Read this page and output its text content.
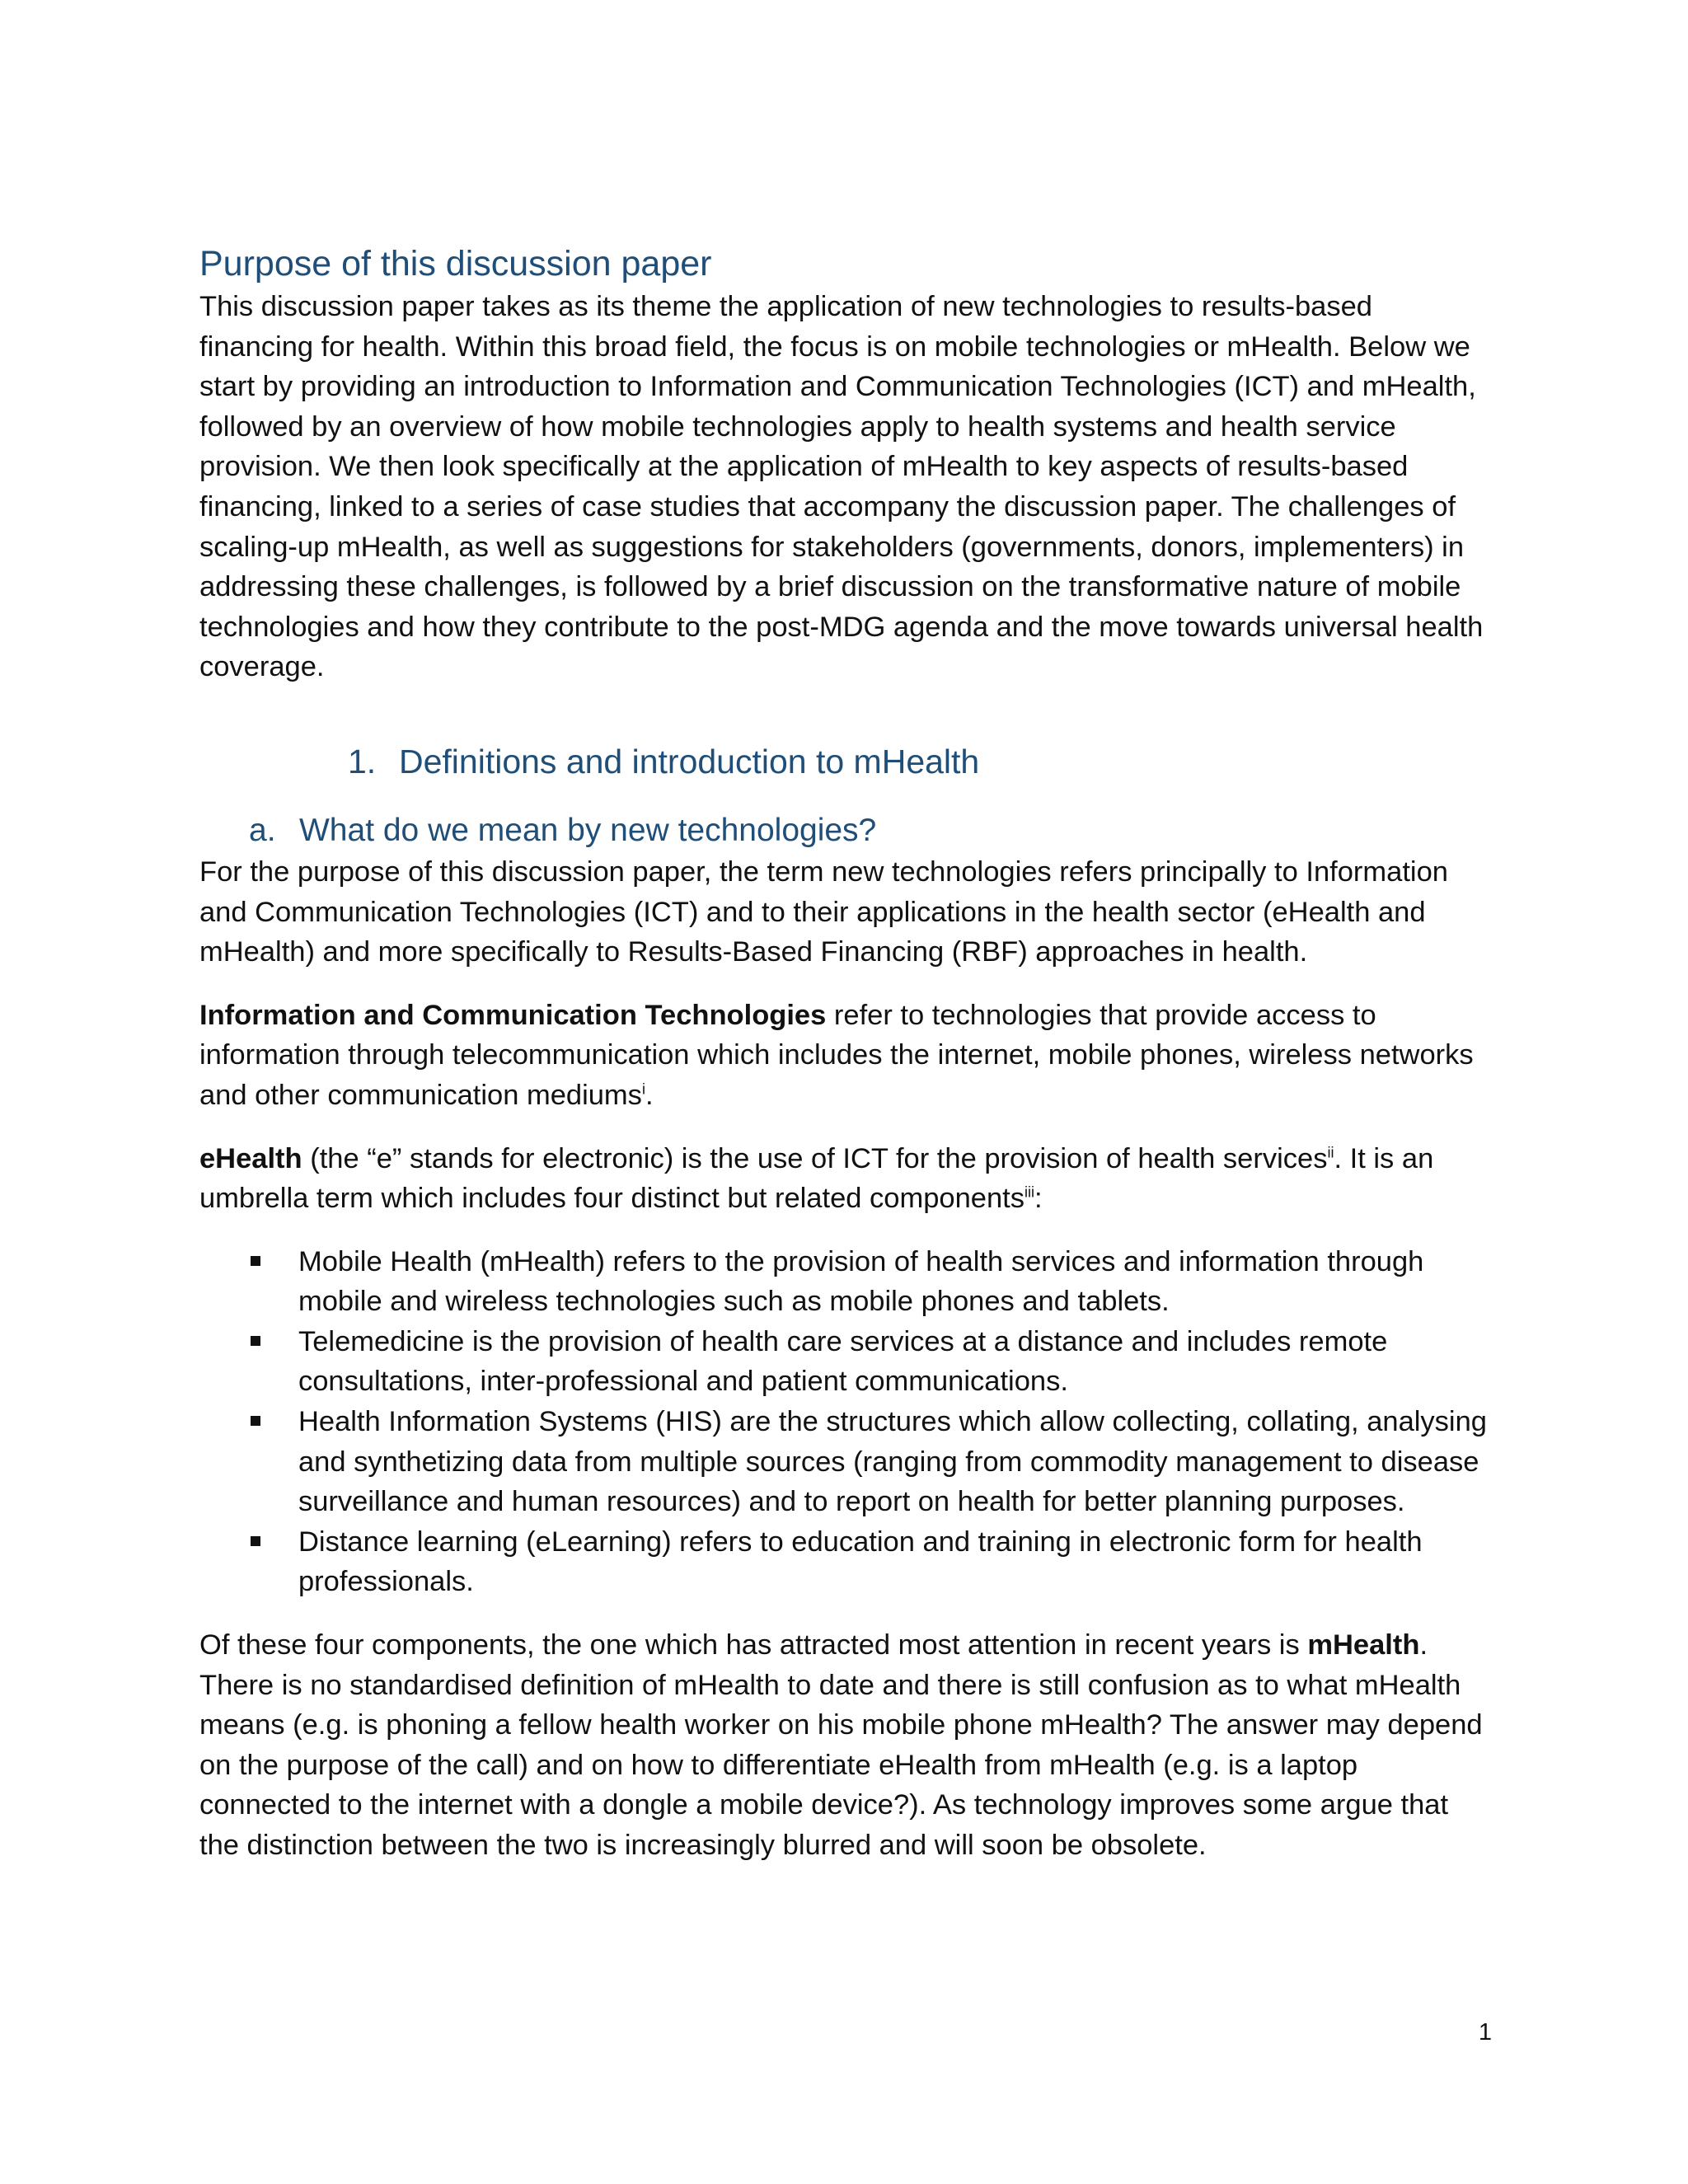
Purpose of this discussion paper

This discussion paper takes as its theme the application of new technologies to results-based financing for health. Within this broad field, the focus is on mobile technologies or mHealth. Below we start by providing an introduction to Information and Communication Technologies (ICT) and mHealth, followed by an overview of how mobile technologies apply to health systems and health service provision. We then look specifically at the application of mHealth to key aspects of results-based financing, linked to a series of case studies that accompany the discussion paper. The challenges of scaling-up mHealth, as well as suggestions for stakeholders (governments, donors, implementers) in addressing these challenges, is followed by a brief discussion on the transformative nature of mobile technologies and how they contribute to the post-MDG agenda and the move towards universal health coverage.

1. Definitions and introduction to mHealth
a. What do we mean by new technologies?

For the purpose of this discussion paper, the term new technologies refers principally to Information and Communication Technologies (ICT) and to their applications in the health sector (eHealth and mHealth) and more specifically to Results-Based Financing (RBF) approaches in health.

Information and Communication Technologies refer to technologies that provide access to information through telecommunication which includes the internet, mobile phones, wireless networks and other communication mediums$^i$.

eHealth (the “e” stands for electronic) is the use of ICT for the provision of health services$^{ii}$. It is an umbrella term which includes four distinct but related components$^{iii}$:

Mobile Health (mHealth) refers to the provision of health services and information through mobile and wireless technologies such as mobile phones and tablets.
Telemedicine is the provision of health care services at a distance and includes remote consultations, inter-professional and patient communications.
Health Information Systems (HIS) are the structures which allow collecting, collating, analysing and synthetizing data from multiple sources (ranging from commodity management to disease surveillance and human resources) and to report on health for better planning purposes.
Distance learning (eLearning) refers to education and training in electronic form for health professionals.

Of these four components, the one which has attracted most attention in recent years is mHealth. There is no standardised definition of mHealth to date and there is still confusion as to what mHealth means (e.g. is phoning a fellow health worker on his mobile phone mHealth? The answer may depend on the purpose of the call) and on how to differentiate eHealth from mHealth (e.g. is a laptop connected to the internet with a dongle a mobile device?). As technology improves some argue that the distinction between the two is increasingly blurred and will soon be obsolete.

1
